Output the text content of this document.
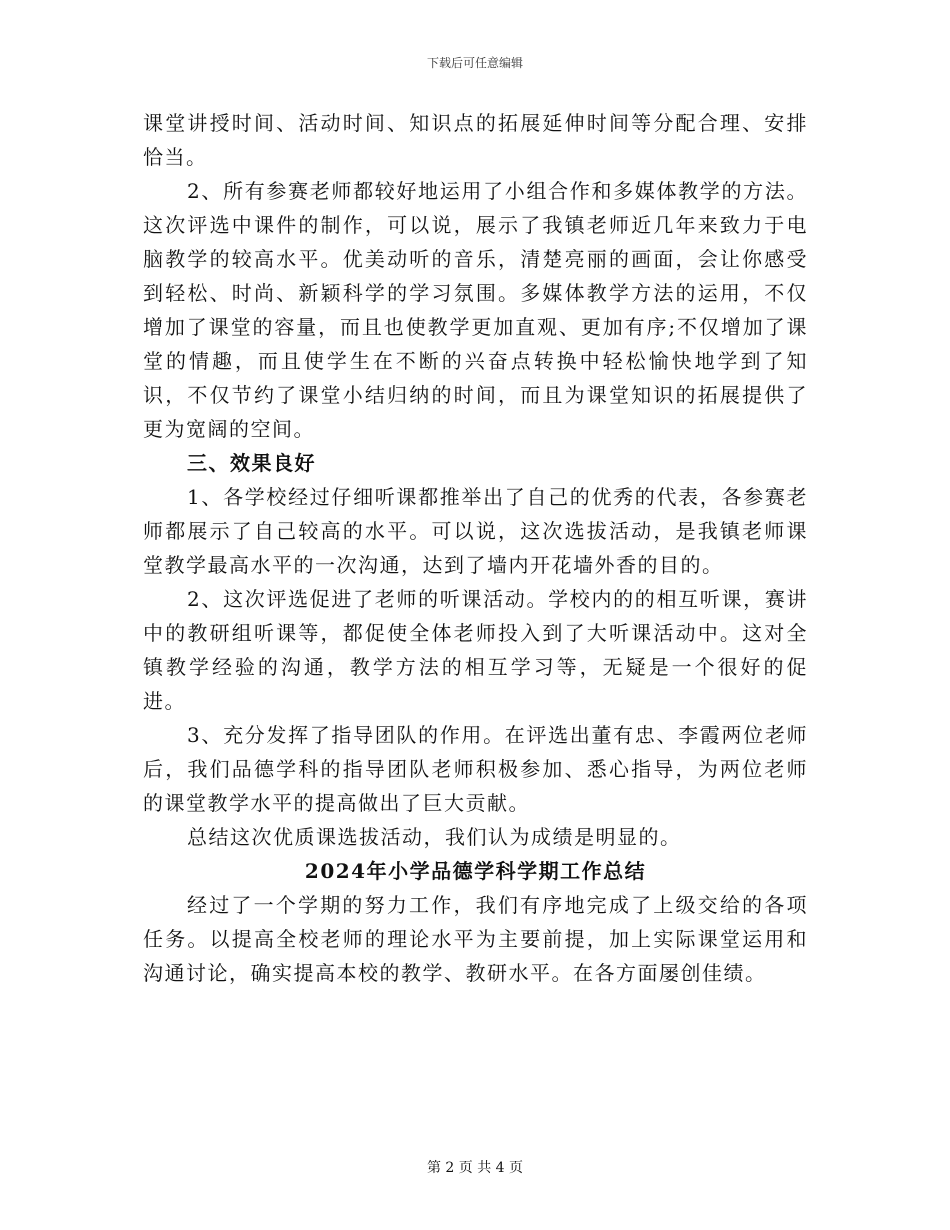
下载后可任意编辑

课堂讲授时间、活动时间、知识点的拓展延伸时间等分配合理、安排恰当。

2、所有参赛老师都较好地运用了小组合作和多媒体教学的方法。这次评选中课件的制作，可以说，展示了我镇老师近几年来致力于电脑教学的较高水平。优美动听的音乐，清楚亮丽的画面，会让你感受到轻松、时尚、新颖科学的学习氛围。多媒体教学方法的运用，不仅增加了课堂的容量，而且也使教学更加直观、更加有序;不仅增加了课堂的情趣，而且使学生在不断的兴奋点转换中轻松愉快地学到了知识，不仅节约了课堂小结归纳的时间，而且为课堂知识的拓展提供了更为宽阔的空间。

三、效果良好

1、各学校经过仔细听课都推举出了自己的优秀的代表，各参赛老师都展示了自己较高的水平。可以说，这次选拔活动，是我镇老师课堂教学最高水平的一次沟通，达到了墙内开花墙外香的目的。

2、这次评选促进了老师的听课活动。学校内的的相互听课，赛讲中的教研组听课等，都促使全体老师投入到了大听课活动中。这对全镇教学经验的沟通，教学方法的相互学习等，无疑是一个很好的促进。

3、充分发挥了指导团队的作用。在评选出董有忠、李霞两位老师后，我们品德学科的指导团队老师积极参加、悉心指导，为两位老师的课堂教学水平的提高做出了巨大贡献。

总结这次优质课选拔活动，我们认为成绩是明显的。

2024年小学品德学科学期工作总结

经过了一个学期的努力工作，我们有序地完成了上级交给的各项任务。以提高全校老师的理论水平为主要前提，加上实际课堂运用和沟通讨论，确实提高本校的教学、教研水平。在各方面屡创佳绩。

第 2 页 共 4 页
